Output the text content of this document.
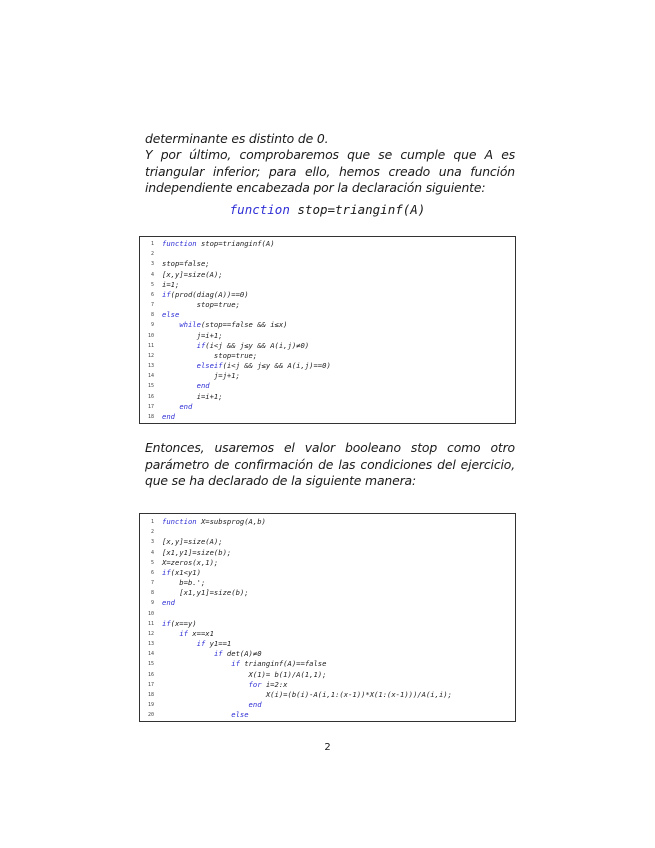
determinante es distinto de 0.

Y por último, comprobaremos que se cumple que A es triangular inferior; para ello, hemos creado una función independiente encabezada por la declaración siguiente:

function stop=trianginf(A)
1 function stop=trianginf(A)
2
3 stop=false;
4 [x,y]=size(A);
5 i=1;
6 if(prod(diag(A))==0)
7 stop=true;
8 else
9	while(stop==false && i≤x)
10 j=i+1;
11	if(i<j && j≤y && A(i,j)≠0)
12 stop=true;
13	elseif(i<j && j≤y && A(i,j)==0)
14 j=j+1;
15	end
16 i=i+1;
17	end
18 end

Entonces, usaremos el valor booleano stop como otro parámetro de confirmación de las condiciones del ejercicio, que se ha declarado de la siguiente manera:

1 function X=subsprog(A,b)
2
3 [x,y]=size(A);
4 [x1,y1]=size(b);
5 X=zeros(x,1);
6 if(x1<y1)
7 b=b.';
8 [x1,y1]=size(b);
9 end
10
11 if(x==y)
12	if x==x1
13	if y1==1
14	if det(A)≠0
15	if trianginf(A)==false
16 X(1)= b(1)/A(1,1);
17	for i=2:x
18 X(i)=(b(i)-A(i,1:(x-1))*X(1:(x-1)))/A(i,i);
19	end
20	else
2
